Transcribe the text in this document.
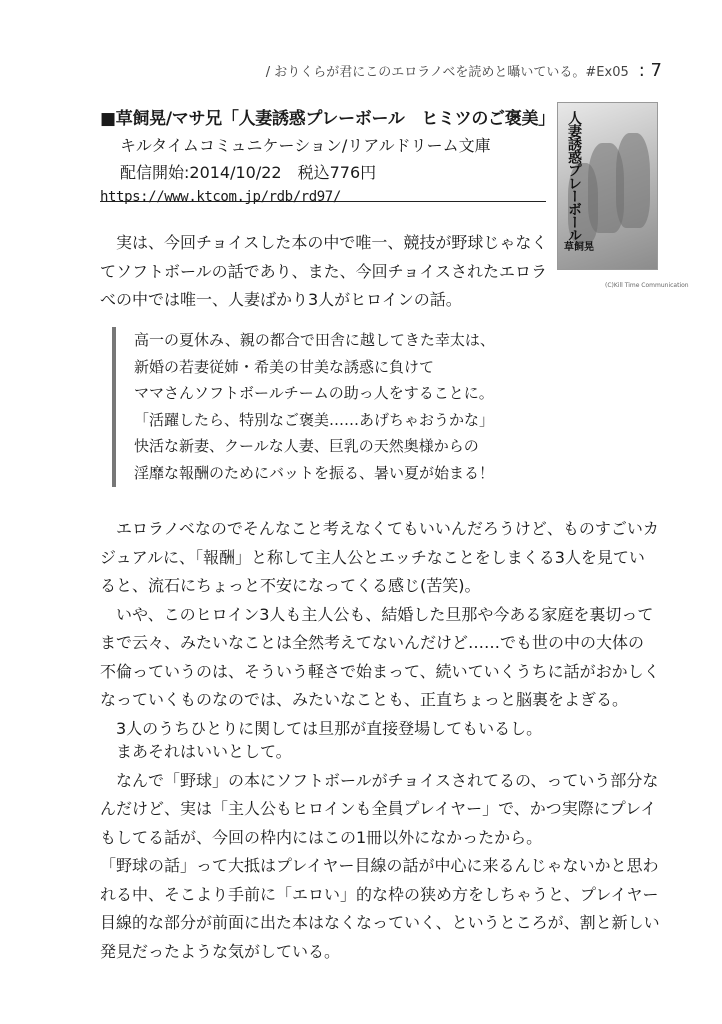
/ おりくらが君にこのエロラノベを読めと囁いている。#Ex05 : 7
■草飼晃/マサ兄「人妻誘惑プレーボール　ヒミツのご褒美」
キルタイムコミュニケーション/リアルドリーム文庫
配信開始:2014/10/22　税込776円
https://www.ktcom.jp/rdb/rd97/	人妻誘惑プレーボール
草飼晃
(C)Kill Time Communication
　実は、今回チョイスした本の中で唯一、競技が野球じゃなく
てソフトボールの話であり、また、今回チョイスされたエロラ
べの中では唯一、人妻ばかり3人がヒロインの話。
高一の夏休み、親の都合で田舎に越してきた幸太は、
新婚の若妻従姉・希美の甘美な誘惑に負けて
ママさんソフトボールチームの助っ人をすることに。
「活躍したら、特別なご褒美……あげちゃおうかな」
快活な新妻、クールな人妻、巨乳の天然奥様からの
淫靡な報酬のためにバットを振る、暑い夏が始まる！
　エロラノベなのでそんなこと考えなくてもいいんだろうけど、ものすごいカ
ジュアルに、「報酬」と称して主人公とエッチなことをしまくる3人を見てい
ると、流石にちょっと不安になってくる感じ(苦笑)。
　いや、このヒロイン3人も主人公も、結婚した旦那や今ある家庭を裏切って
まで云々、みたいなことは全然考えてないんだけど……でも世の中の大体の
不倫っていうのは、そういう軽さで始まって、続いていくうちに話がおかしく
なっていくものなのでは、みたいなことも、正直ちょっと脳裏をよぎる。
　3人のうちひとりに関しては旦那が直接登場してもいるし。
　まあそれはいいとして。
　なんで「野球」の本にソフトボールがチョイスされてるの、っていう部分な
んだけど、実は「主人公もヒロインも全員プレイヤー」で、かつ実際にプレイ
もしてる話が、今回の枠内にはこの1冊以外になかったから。
「野球の話」って大抵はプレイヤー目線の話が中心に来るんじゃないかと思わ
れる中、そこより手前に「エロい」的な枠の狭め方をしちゃうと、プレイヤー
目線的な部分が前面に出た本はなくなっていく、というところが、割と新しい
発見だったような気がしている。
